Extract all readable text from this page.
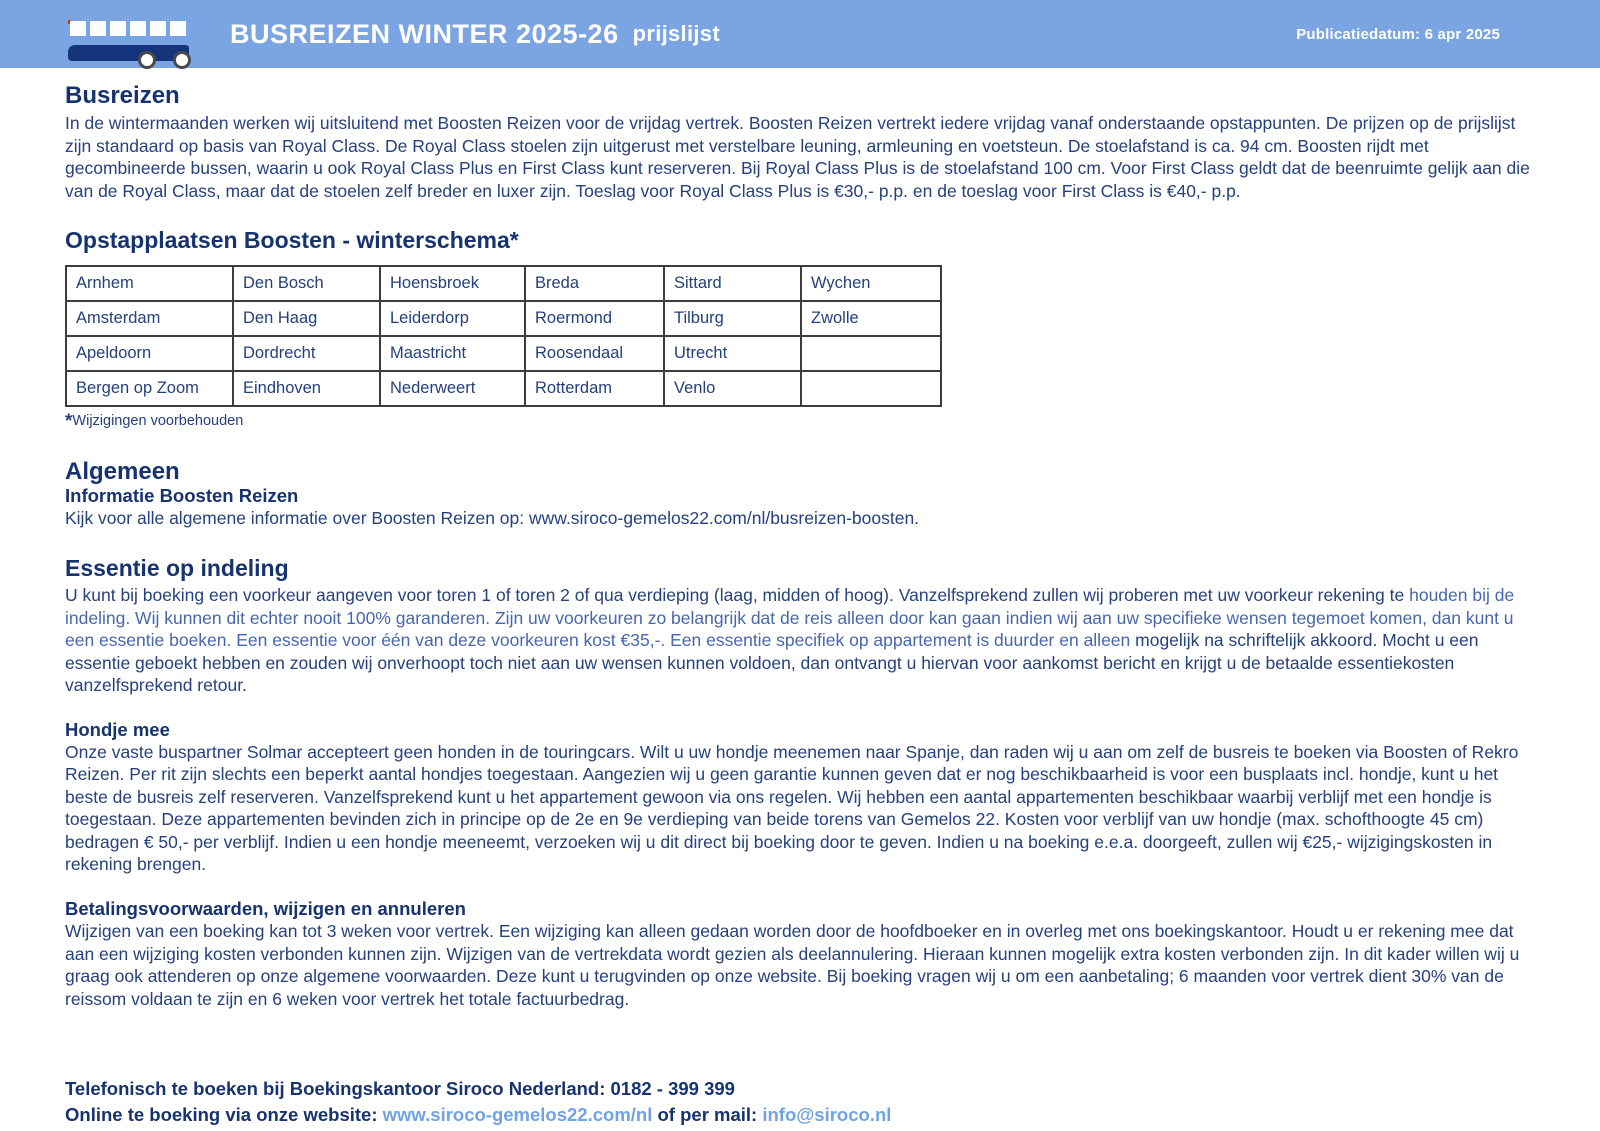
BUSREIZEN WINTER 2025-26 prijslijst	Publicatiedatum: 6 apr 2025
Busreizen

In de wintermaanden werken wij uitsluitend met Boosten Reizen voor de vrijdag vertrek. Boosten Reizen vertrekt iedere vrijdag vanaf onderstaande opstappunten. De prijzen op de prijslijst zijn standaard op basis van Royal Class. De Royal Class stoelen zijn uitgerust met verstelbare leuning, armleuning en voetsteun. De stoelafstand is ca. 94 cm. Boosten rijdt met gecombineerde bussen, waarin u ook Royal Class Plus en First Class kunt reserveren. Bij Royal Class Plus is de stoelafstand 100 cm. Voor First Class geldt dat de beenruimte gelijk aan die van de Royal Class, maar dat de stoelen zelf breder en luxer zijn. Toeslag voor Royal Class Plus is €30,- p.p. en de toeslag voor First Class is €40,- p.p.

Opstapplaatsen Boosten - winterschema*
Arnhem	Den Bosch	Hoensbroek	Breda	Sittard	Wychen
Amsterdam	Den Haag	Leiderdorp	Roermond	Tilburg	Zwolle
Apeldoorn	Dordrecht	Maastricht	Roosendaal	Utrecht	
Bergen op Zoom	Eindhoven	Nederweert	Rotterdam	Venlo	
*Wijzigingen voorbehouden
Algemeen
Informatie Boosten Reizen

Kijk voor alle algemene informatie over Boosten Reizen op: www.siroco-gemelos22.com/nl/busreizen-boosten.

Essentie op indeling

U kunt bij boeking een voorkeur aangeven voor toren 1 of toren 2 of qua verdieping (laag, midden of hoog). Vanzelfsprekend zullen wij proberen met uw voorkeur rekening te houden bij de indeling. Wij kunnen dit echter nooit 100% garanderen. Zijn uw voorkeuren zo belangrijk dat de reis alleen door kan gaan indien wij aan uw specifieke wensen tegemoet komen, dan kunt u een essentie boeken. Een essentie voor één van deze voorkeuren kost €35,-. Een essentie specifiek op appartement is duurder en alleen mogelijk na schriftelijk akkoord. Mocht u een essentie geboekt hebben en zouden wij onverhoopt toch niet aan uw wensen kunnen voldoen, dan ontvangt u hiervan voor aankomst bericht en krijgt u de betaalde essentiekosten vanzelfsprekend retour.

Hondje mee

Onze vaste buspartner Solmar accepteert geen honden in de touringcars. Wilt u uw hondje meenemen naar Spanje, dan raden wij u aan om zelf de busreis te boeken via Boosten of Rekro Reizen. Per rit zijn slechts een beperkt aantal hondjes toegestaan. Aangezien wij u geen garantie kunnen geven dat er nog beschikbaarheid is voor een busplaats incl. hondje, kunt u het beste de busreis zelf reserveren. Vanzelfsprekend kunt u het appartement gewoon via ons regelen. Wij hebben een aantal appartementen beschikbaar waarbij verblijf met een hondje is toegestaan. Deze appartementen bevinden zich in principe op de 2e en 9e verdieping van beide torens van Gemelos 22. Kosten voor verblijf van uw hondje (max. schofthoogte 45 cm) bedragen € 50,- per verblijf. Indien u een hondje meeneemt, verzoeken wij u dit direct bij boeking door te geven. Indien u na boeking e.e.a. doorgeeft, zullen wij €25,- wijzigingskosten in rekening brengen.

Betalingsvoorwaarden, wijzigen en annuleren

Wijzigen van een boeking kan tot 3 weken voor vertrek. Een wijziging kan alleen gedaan worden door de hoofdboeker en in overleg met ons boekingskantoor. Houdt u er rekening mee dat aan een wijziging kosten verbonden kunnen zijn. Wijzigen van de vertrekdata wordt gezien als deelannulering. Hieraan kunnen mogelijk extra kosten verbonden zijn. In dit kader willen wij u graag ook attenderen op onze algemene voorwaarden. Deze kunt u terugvinden op onze website. Bij boeking vragen wij u om een aanbetaling; 6 maanden voor vertrek dient 30% van de reissom voldaan te zijn en 6 weken voor vertrek het totale factuurbedrag.

Telefonisch te boeken bij Boekingskantoor Siroco Nederland: 0182 - 399 399
Online te boeking via onze website: www.siroco-gemelos22.com/nl of per mail: info@siroco.nl
